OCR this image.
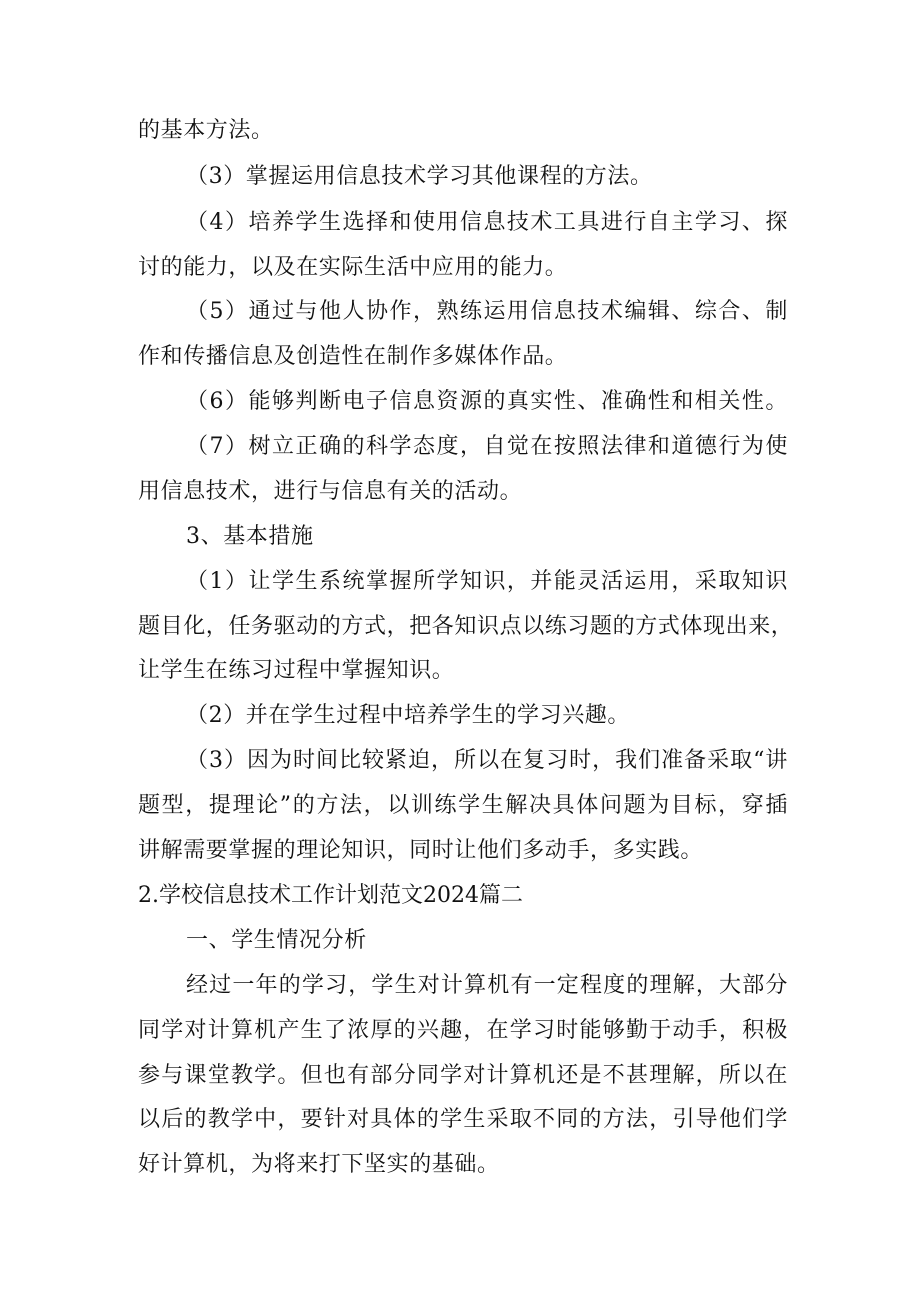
的基本方法。
（3）掌握运用信息技术学习其他课程的方法。
（4）培养学生选择和使用信息技术工具进行自主学习、探
讨的能力，以及在实际生活中应用的能力。
（5）通过与他人协作，熟练运用信息技术编辑、综合、制
作和传播信息及创造性在制作多媒体作品。
（6）能够判断电子信息资源的真实性、准确性和相关性。
（7）树立正确的科学态度，自觉在按照法律和道德行为使
用信息技术，进行与信息有关的活动。
3、基本措施
（1）让学生系统掌握所学知识，并能灵活运用，采取知识
题目化，任务驱动的方式，把各知识点以练习题的方式体现出来，
让学生在练习过程中掌握知识。
（2）并在学生过程中培养学生的学习兴趣。
（3）因为时间比较紧迫，所以在复习时，我们准备采取“讲
题型，提理论”的方法，以训练学生解决具体问题为目标，穿插
讲解需要掌握的理论知识，同时让他们多动手，多实践。
2.学校信息技术工作计划范文2024篇二
一、学生情况分析
经过一年的学习，学生对计算机有一定程度的理解，大部分
同学对计算机产生了浓厚的兴趣，在学习时能够勤于动手，积极
参与课堂教学。但也有部分同学对计算机还是不甚理解，所以在
以后的教学中，要针对具体的学生采取不同的方法，引导他们学
好计算机，为将来打下坚实的基础。
